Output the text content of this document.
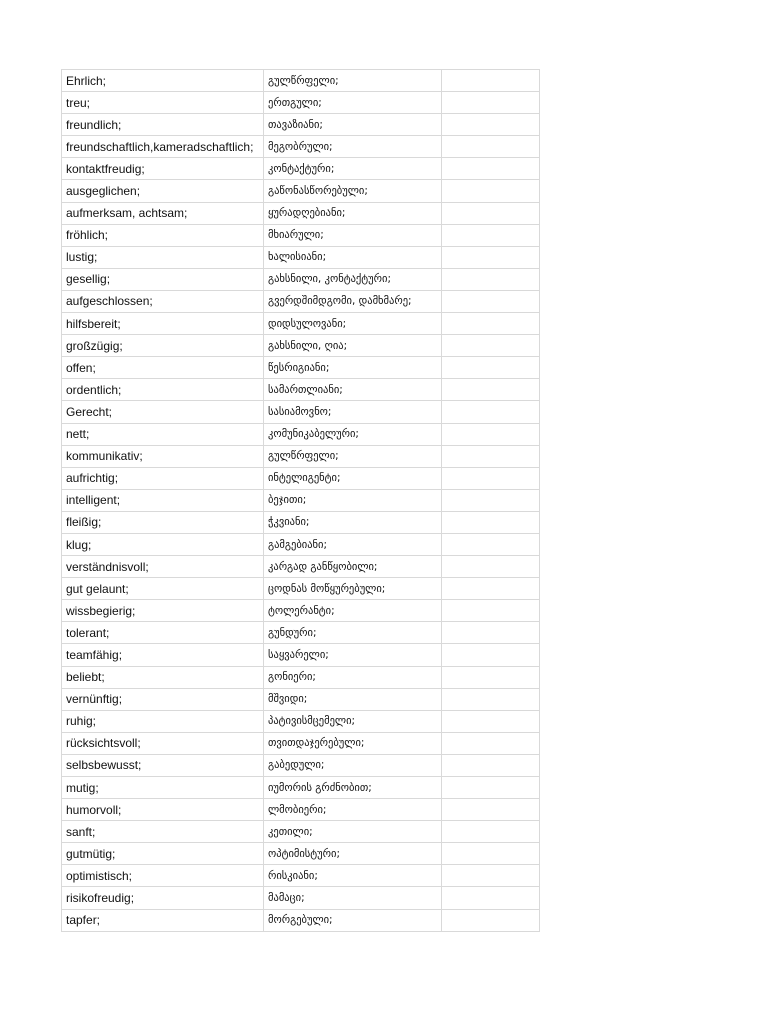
Ehrlich;	გულწრფელი;	
treu;	ერთგული;	
freundlich;	თავაზიანი;	
freundschaftlich,kameradschaftlich;	მეგობრული;	
kontaktfreudig;	კონტაქტური;	
ausgeglichen;	გაწონასწორებული;	
aufmerksam, achtsam;	ყურადღებიანი;	
fröhlich;	მხიარული;	
lustig;	ხალისიანი;	
gesellig;	გახსნილი, კონტაქტური;	
aufgeschlossen;	გვერდშიმდგომი, დამხმარე;	
hilfsbereit;	დიდსულოვანი;	
großzügig;	გახსნილი, ღია;	
offen;	წესრიგიანი;	
ordentlich;	სამართლიანი;	
Gerecht;	სასიამოვნო;	
nett;	კომუნიკაბელური;	
kommunikativ;	გულწრფელი;	
aufrichtig;	ინტელიგენტი;	
intelligent;	ბეჯითი;	
fleißig;	ჭკვიანი;	
klug;	გამგებიანი;	
verständnisvoll;	კარგად განწყობილი;	
gut gelaunt;	ცოდნას მოწყურებული;	
wissbegierig;	ტოლერანტი;	
tolerant;	გუნდური;	
teamfähig;	საყვარელი;	
beliebt;	გონიერი;	
vernünftig;	მშვიდი;	
ruhig;	პატივისმცემელი;	
rücksichtsvoll;	თვითდაჯერებული;	
selbsbewusst;	გაბედული;	
mutig;	იუმორის გრძნობით;	
humorvoll;	ლმობიერი;	
sanft;	კეთილი;	
gutmütig;	ოპტიმისტური;	
optimistisch;	რისკიანი;	
risikofreudig;	მამაცი;	
tapfer;	მორგებული;	
